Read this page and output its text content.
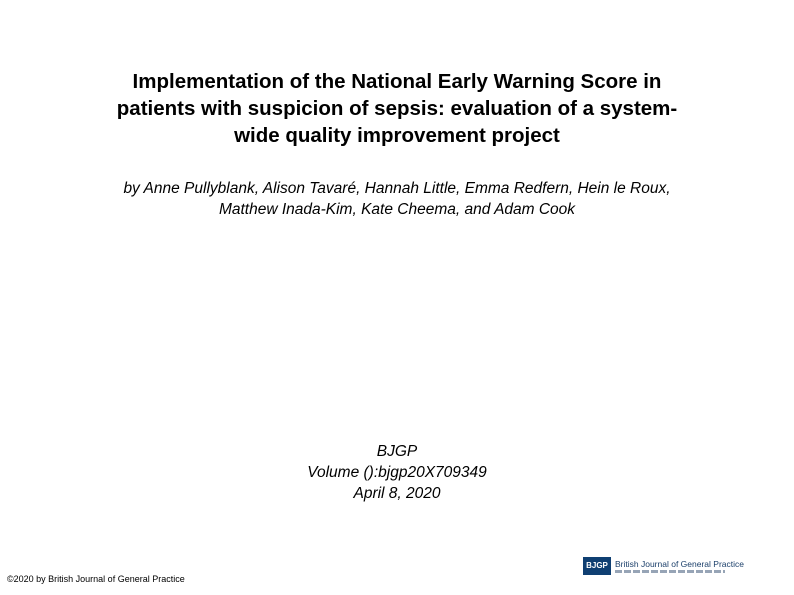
Implementation of the National Early Warning Score in
patients with suspicion of sepsis: evaluation of a system-
wide quality improvement project

by Anne Pullyblank, Alison Tavaré, Hannah Little, Emma Redfern, Hein le Roux,
Matthew Inada-Kim, Kate Cheema, and Adam Cook

BJGP
Volume ():bjgp20X709349
April 8, 2020
©2020 by British Journal of General Practice
BJGP British Journal of General Practice
